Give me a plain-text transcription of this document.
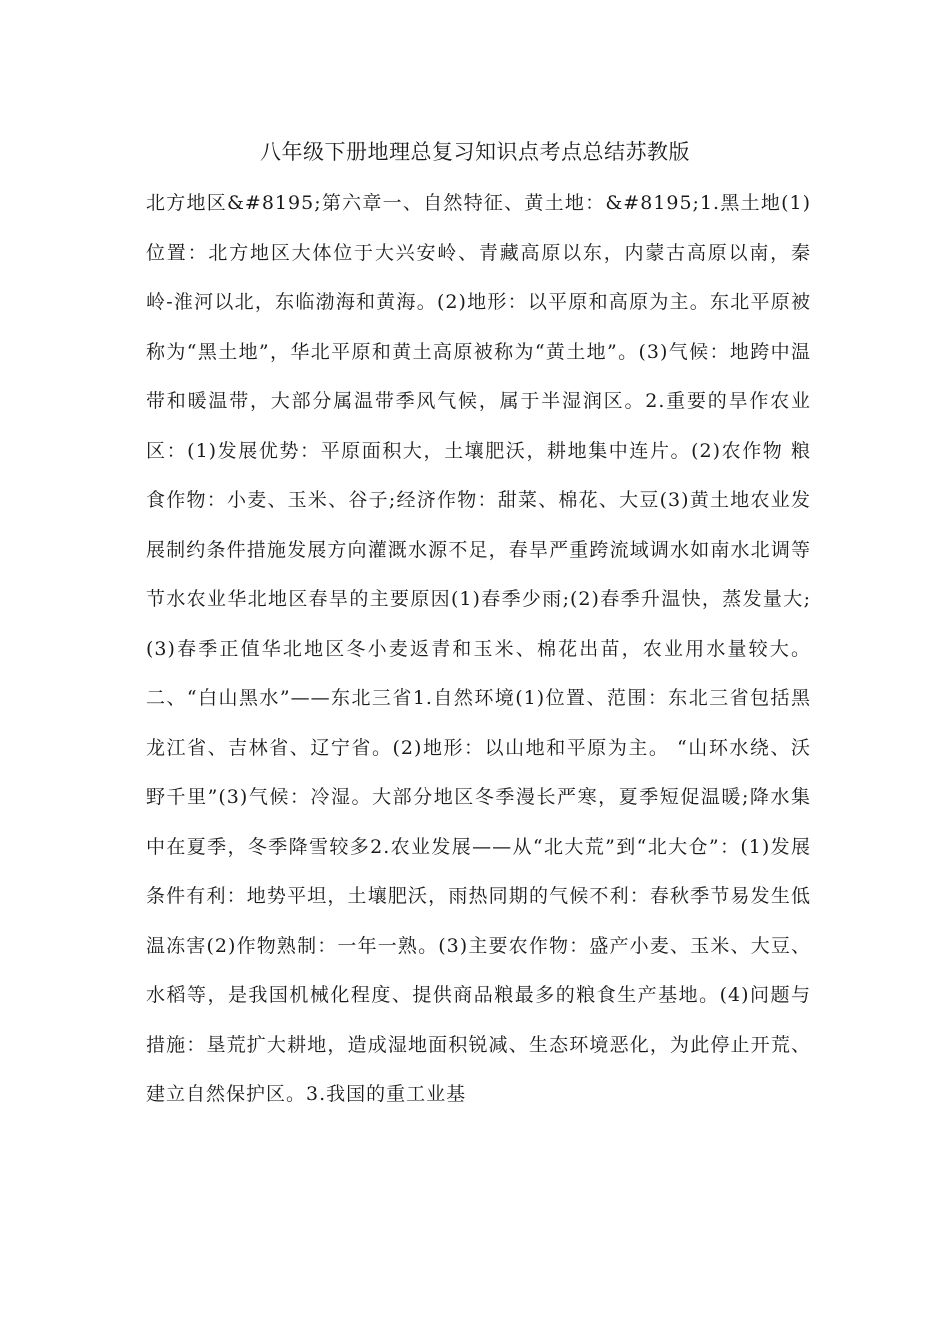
八年级下册地理总复习知识点考点总结苏教版

北方地区&#8195;第六章一、自然特征、黄土地：&#8195;1.黑土地(1)位置：北方地区大体位于大兴安岭、青藏高原以东，内蒙古高原以南，秦岭-淮河以北，东临渤海和黄海。(2)地形：以平原和高原为主。东北平原被称为“黑土地”，华北平原和黄土高原被称为“黄土地”。(3)气候：地跨中温带和暖温带，大部分属温带季风气候，属于半湿润区。2.重要的旱作农业区：(1)发展优势：平原面积大，土壤肥沃，耕地集中连片。(2)农作物 粮食作物：小麦、玉米、谷子;经济作物：甜菜、棉花、大豆(3)黄土地农业发展制约条件措施发展方向灌溉水源不足，春旱严重跨流域调水如南水北调等节水农业华北地区春旱的主要原因(1)春季少雨;(2)春季升温快，蒸发量大;(3)春季正值华北地区冬小麦返青和玉米、棉花出苗，农业用水量较大。二、“白山黑水”——东北三省1.自然环境(1)位置、范围：东北三省包括黑龙江省、吉林省、辽宁省。(2)地形：以山地和平原为主。 “山环水绕、沃野千里”(3)气候：冷湿。大部分地区冬季漫长严寒，夏季短促温暖;降水集中在夏季，冬季降雪较多2.农业发展——从“北大荒”到“北大仓”：(1)发展条件有利：地势平坦，土壤肥沃，雨热同期的气候不利：春秋季节易发生低温冻害(2)作物熟制：一年一熟。(3)主要农作物：盛产小麦、玉米、大豆、水稻等，是我国机械化程度、提供商品粮最多的粮食生产基地。(4)问题与措施：垦荒扩大耕地，造成湿地面积锐减、生态环境恶化，为此停止开荒、建立自然保护区。3.我国的重工业基
